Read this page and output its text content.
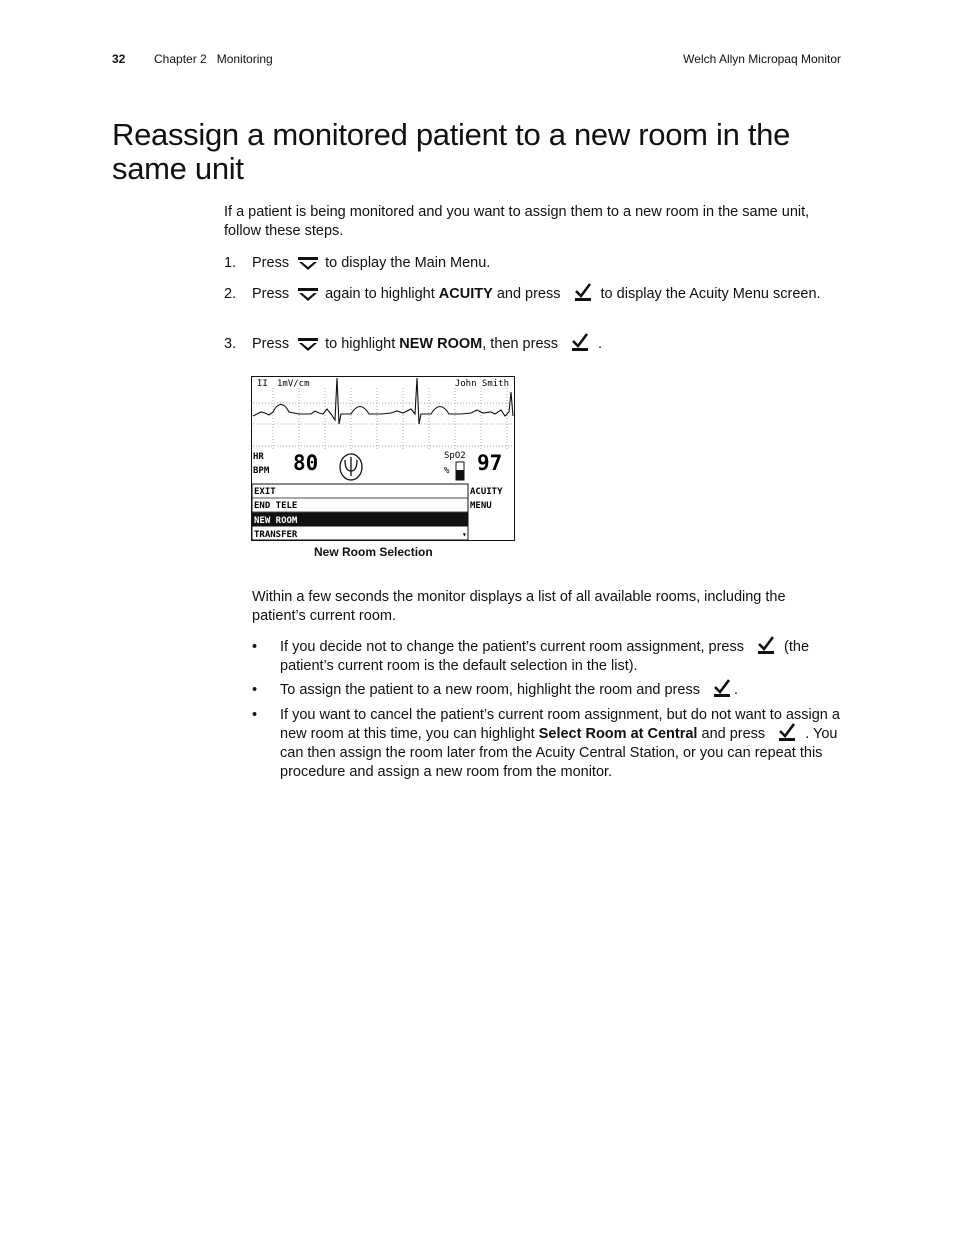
32 Chapter 2   Monitoring	Welch Allyn Micropaq Monitor
Reassign a monitored patient to a new room in the same unit
If a patient is being monitored and you want to assign them to a new room in the same unit, follow these steps.
1. Press to display the Main Menu.
2. Press again to highlight ACUITY and press	to display the Acuity Menu screen.
3. Press to highlight NEW ROOM, then press	.
II 1mV/cm	John Smith
HR
BPM 80	SpO2
% 97
EXIT
END TELE
NEW ROOM
TRANSFER	▾
ACUITY
MENU
New Room Selection
Within a few seconds the monitor displays a list of all available rooms, including the patient’s current room.
• If you decide not to change the patient’s current room assignment, press	(the patient’s current room is the default selection in the list).
• To assign the patient to a new room, highlight the room and press .
• If you want to cancel the patient’s current room assignment, but do not want to assign a new room at this time, you can highlight Select Room at Central and press	. You can then assign the room later from the Acuity Central Station, or you can repeat this procedure and assign a new room from the monitor.
